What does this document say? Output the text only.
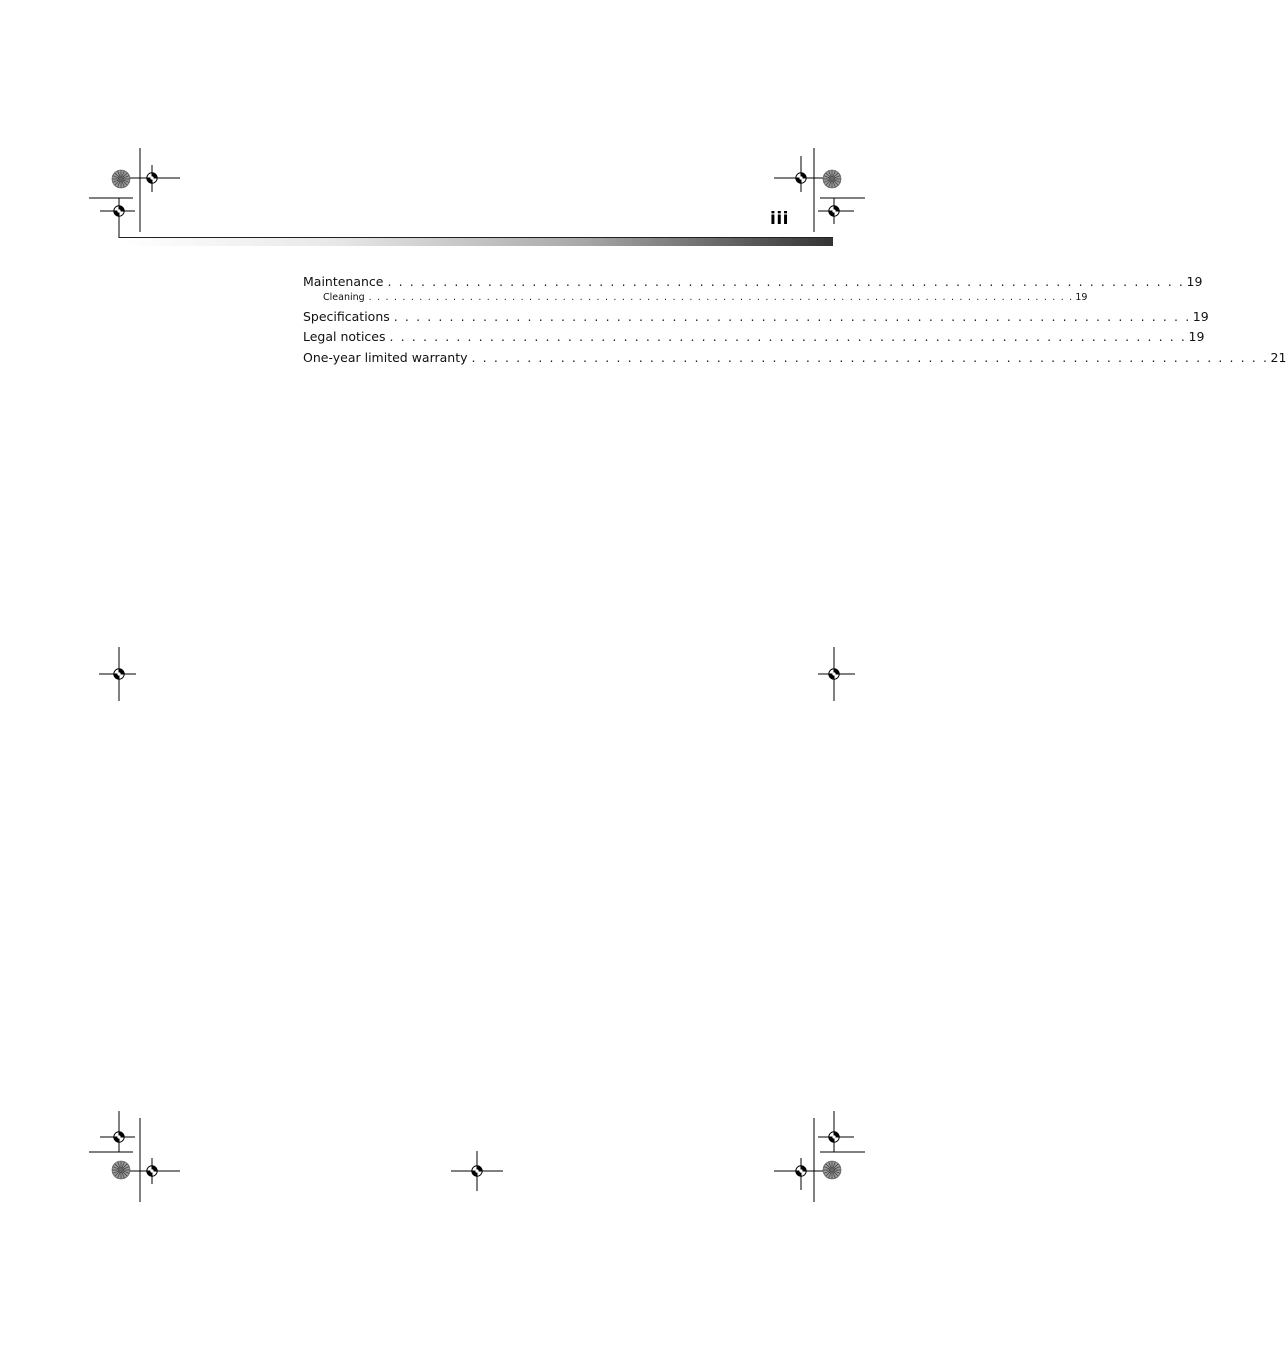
iii
Maintenance . . . . . . . . . . . . . . . . . . . . . . . . . . . . . . . . . . . . . . . . . . . . . . . . . . . . . . . . . . . . . . . . . . . . . . . . 19
Cleaning . . . . . . . . . . . . . . . . . . . . . . . . . . . . . . . . . . . . . . . . . . . . . . . . . . . . . . . . . . . . . . . . . . . . . . . . . . . . . . . . . . . . 19
Specifications . . . . . . . . . . . . . . . . . . . . . . . . . . . . . . . . . . . . . . . . . . . . . . . . . . . . . . . . . . . . . . . . . . . . . . . . 19
Legal notices . . . . . . . . . . . . . . . . . . . . . . . . . . . . . . . . . . . . . . . . . . . . . . . . . . . . . . . . . . . . . . . . . . . . . . . . 19
One-year limited warranty . . . . . . . . . . . . . . . . . . . . . . . . . . . . . . . . . . . . . . . . . . . . . . . . . . . . . . . . . . . . . . . . . . . . . . . . 21
